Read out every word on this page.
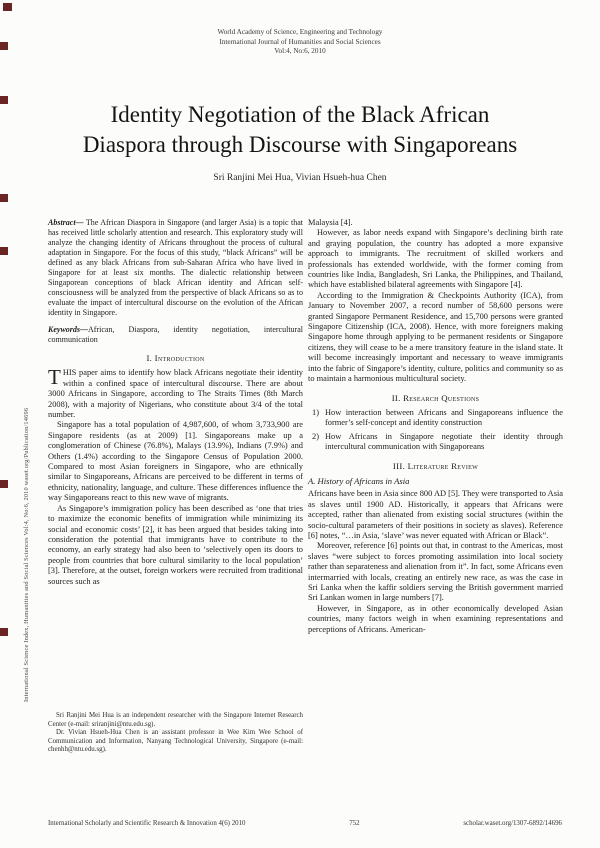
World Academy of Science, Engineering and Technology
International Journal of Humanities and Social Sciences
Vol:4, No:6, 2010
Identity Negotiation of the Black African
Diaspora through Discourse with Singaporeans
Sri Ranjini Mei Hua, Vivian Hsueh-hua Chen
International Science Index, Humanities and Social Sciences Vol:4, No:6, 2010 waset.org/Publication/14696

Abstract— The African Diaspora in Singapore (and larger Asia) is a topic that has received little scholarly attention and research. This exploratory study will analyze the changing identity of Africans throughout the process of cultural adaptation in Singapore. For the focus of this study, “black Africans” will be defined as any black Africans from sub-Saharan Africa who have lived in Singapore for at least six months. The dialectic relationship between Singaporean conceptions of black African identity and African self-consciousness will be analyzed from the perspective of black Africans so as to evaluate the impact of intercultural discourse on the evolution of the African identity in Singapore.

Keywords—African, Diaspora, identity negotiation, intercultural communication

I. Introduction

THIS paper aims to identify how black Africans negotiate their identity within a confined space of intercultural discourse. There are about 3000 Africans in Singapore, according to The Straits Times (8th March 2008), with a majority of Nigerians, who constitute about 3/4 of the total number.

Singapore has a total population of 4,987,600, of whom 3,733,900 are Singapore residents (as at 2009) [1]. Singaporeans make up a conglomeration of Chinese (76.8%), Malays (13.9%), Indians (7.9%) and Others (1.4%) according to the Singapore Census of Population 2000. Compared to most Asian foreigners in Singapore, who are ethnically similar to Singaporeans, Africans are perceived to be different in terms of ethnicity, nationality, language, and culture. These differences influence the way Singaporeans react to this new wave of migrants.

As Singapore’s immigration policy has been described as ‘one that tries to maximize the economic benefits of immigration while minimizing its social and economic costs’ [2], it has been argued that besides taking into consideration the potential that immigrants have to contribute to the economy, an early strategy had also been to ‘selectively open its doors to people from countries that bore cultural similarity to the local population’ [3]. Therefore, at the outset, foreign workers were recruited from traditional sources such as

Malaysia [4].

However, as labor needs expand with Singapore’s declining birth rate and graying population, the country has adopted a more expansive approach to immigrants. The recruitment of skilled workers and professionals has extended worldwide, with the former coming from countries like India, Bangladesh, Sri Lanka, the Philippines, and Thailand, which have established bilateral agreements with Singapore [4].

According to the Immigration & Checkpoints Authority (ICA), from January to November 2007, a record number of 58,600 persons were granted Singapore Permanent Residence, and 15,700 persons were granted Singapore Citizenship (ICA, 2008). Hence, with more foreigners making Singapore home through applying to be permanent residents or Singapore citizens, they will cease to be a mere transitory feature in the island state. It will become increasingly important and necessary to weave immigrants into the fabric of Singapore’s identity, culture, politics and community so as to maintain a harmonious multicultural society.

II. Research Questions

1) How interaction between Africans and Singaporeans influence the former’s self-concept and identity construction
2) How Africans in Singapore negotiate their identity through intercultural communication with Singaporeans

III. Literature Review

A. History of Africans in Asia

Africans have been in Asia since 800 AD [5]. They were transported to Asia as slaves until 1900 AD. Historically, it appears that Africans were accepted, rather than alienated from existing social structures (within the socio-cultural parameters of their positions in society as slaves). Reference [6] notes, “…in Asia, ‘slave’ was never equated with African or Black”.

Moreover, reference [6] points out that, in contrast to the Americas, most slaves “were subject to forces promoting assimilation into local society rather than separateness and alienation from it”. In fact, some Africans even intermarried with locals, creating an entirely new race, as was the case in Sri Lanka when the kaffir soldiers serving the British government married Sri Lankan women in large numbers [7].

However, in Singapore, as in other economically developed Asian countries, many factors weigh in when examining representations and perceptions of Africans. American-

Sri Ranjini Mei Hua is an independent researcher with the Singapore Internet Research Center (e-mail: sriranjini@ntu.edu.sg).

Dr. Vivian Hsueh-Hua Chen is an assistant professor in Wee Kim Wee School of Communication and Information, Nanyang Technological University, Singapore (e-mail: chenhh@ntu.edu.sg).

International Scholarly and Scientific Research & Innovation 4(6) 2010	752	scholar.waset.org/1307-6892/14696
